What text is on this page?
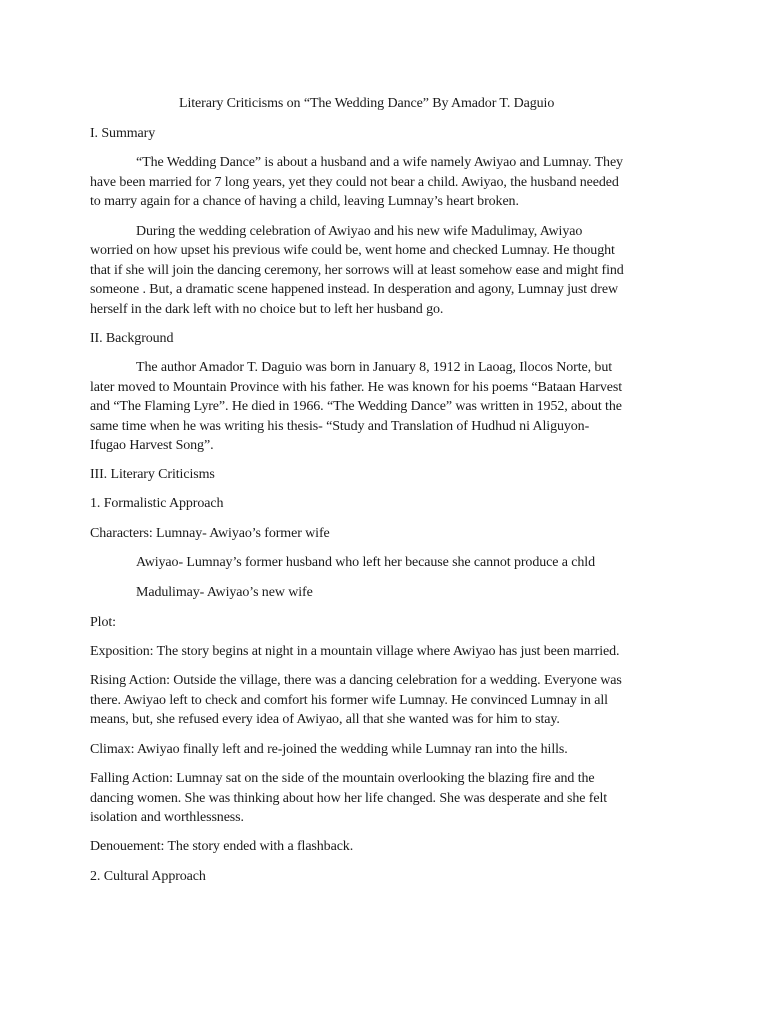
Literary Criticisms on “The Wedding Dance” By Amador T. Daguio
I. Summary
“The Wedding Dance” is about a husband and a wife namely Awiyao and Lumnay. They
have been married for 7 long years, yet they could not bear a child. Awiyao, the husband needed
to marry again for a chance of having a child, leaving Lumnay’s heart broken.
During the wedding celebration of Awiyao and his new wife Madulimay, Awiyao
worried on how upset his previous wife could be, went home and checked Lumnay. He thought
that if she will join the dancing ceremony, her sorrows will at least somehow ease and might find
someone . But, a dramatic scene happened instead. In desperation and agony, Lumnay just drew
herself in the dark left with no choice but to left her husband go.
II. Background
The author Amador T. Daguio was born in January 8, 1912 in Laoag, Ilocos Norte, but
later moved to Mountain Province with his father. He was known for his poems “Bataan Harvest
and “The Flaming Lyre”. He died in 1966. “The Wedding Dance” was written in 1952, about the
same time when he was writing his thesis- “Study and Translation of Hudhud ni Aliguyon-
Ifugao Harvest Song”.
III. Literary Criticisms
1. Formalistic Approach
Characters: Lumnay- Awiyao’s former wife
Awiyao- Lumnay’s former husband who left her because she cannot produce a chld
Madulimay- Awiyao’s new wife
Plot:
Exposition: The story begins at night in a mountain village where Awiyao has just been married.
Rising Action: Outside the village, there was a dancing celebration for a wedding. Everyone was
there. Awiyao left to check and comfort his former wife Lumnay. He convinced Lumnay in all
means, but, she refused every idea of Awiyao, all that she wanted was for him to stay.
Climax: Awiyao finally left and re-joined the wedding while Lumnay ran into the hills.
Falling Action: Lumnay sat on the side of the mountain overlooking the blazing fire and the
dancing women. She was thinking about how her life changed. She was desperate and she felt
isolation and worthlessness.
Denouement: The story ended with a flashback.
2. Cultural Approach
